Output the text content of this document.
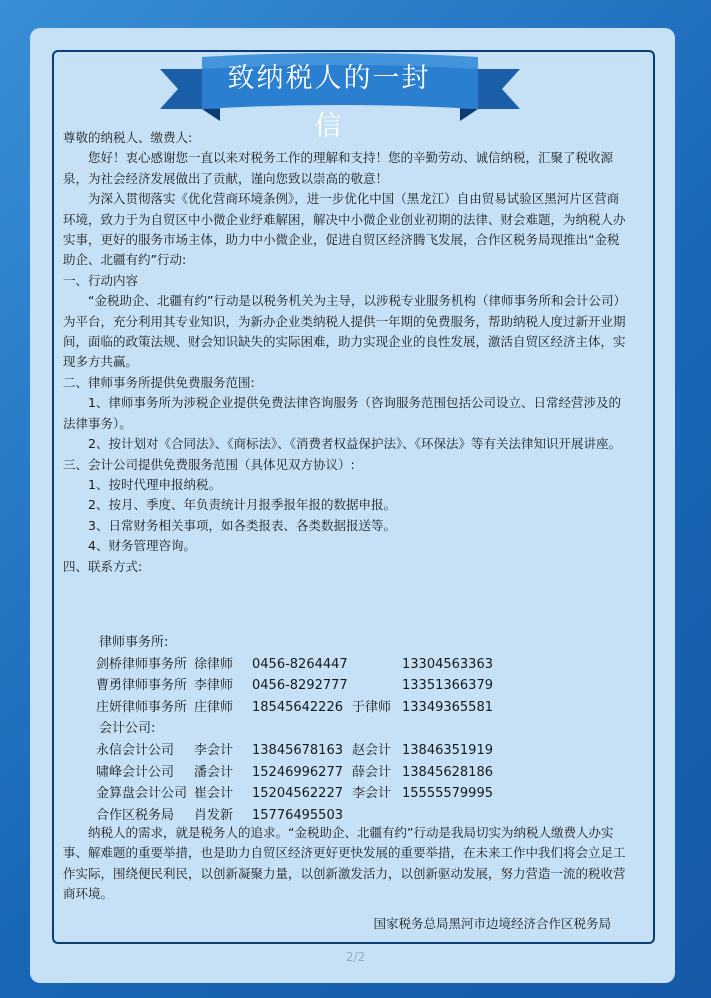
致纳税人的一封信

尊敬的纳税人、缴费人:

您好！衷心感谢您一直以来对税务工作的理解和支持！您的辛勤劳动、诚信纳税，汇聚了税收源泉，为社会经济发展做出了贡献，谨向您致以崇高的敬意！

为深入贯彻落实《优化营商环境条例》，进一步优化中国（黑龙江）自由贸易试验区黑河片区营商环境，致力于为自贸区中小微企业纾难解困，解决中小微企业创业初期的法律、财会难题，为纳税人办实事，更好的服务市场主体，助力中小微企业，促进自贸区经济腾飞发展，合作区税务局现推出“金税助企、北疆有约”行动:

一、行动内容

“金税助企、北疆有约”行动是以税务机关为主导，以涉税专业服务机构（律师事务所和会计公司）为平台，充分利用其专业知识，为新办企业类纳税人提供一年期的免费服务，帮助纳税人度过新开业期间，面临的政策法规、财会知识缺失的实际困难，助力实现企业的良性发展，激活自贸区经济主体，实现多方共赢。

二、律师事务所提供免费服务范围:

1、律师事务所为涉税企业提供免费法律咨询服务（咨询服务范围包括公司设立、日常经营涉及的法律事务）。

2、按计划对《合同法》、《商标法》、《消费者权益保护法》、《环保法》等有关法律知识开展讲座。

三、会计公司提供免费服务范围（具体见双方协议）:

1、按时代理申报纳税。

2、按月、季度、年负责统计月报季报年报的数据申报。

3、日常财务相关事项，如各类报表、各类数据报送等。

4、财务管理咨询。

四、联系方式:

律师事务所:
剑桥律师事务所 徐律师	0456-8264447	13304563363
曹勇律师事务所 李律师	0456-8292777	13351366379
庄妍律师事务所 庄律师	18545642226 于律师 13349365581
会计公司:
永信会计公司	李会计	13845678163 赵会计 13846351919
啸峰会计公司	潘会计	15246996277 薛会计 13845628186
金算盘会计公司 崔会计	15204562227 李会计 15555579995
合作区税务局	肖发新	15776495503

纳税人的需求，就是税务人的追求。“金税助企、北疆有约”行动是我局切实为纳税人缴费人办实事、解难题的重要举措，也是助力自贸区经济更好更快发展的重要举措，在未来工作中我们将会立足工作实际，围绕便民利民，以创新凝聚力量，以创新激发活力，以创新驱动发展，努力营造一流的税收营商环境。

国家税务总局黑河市边境经济合作区税务局
2/2
